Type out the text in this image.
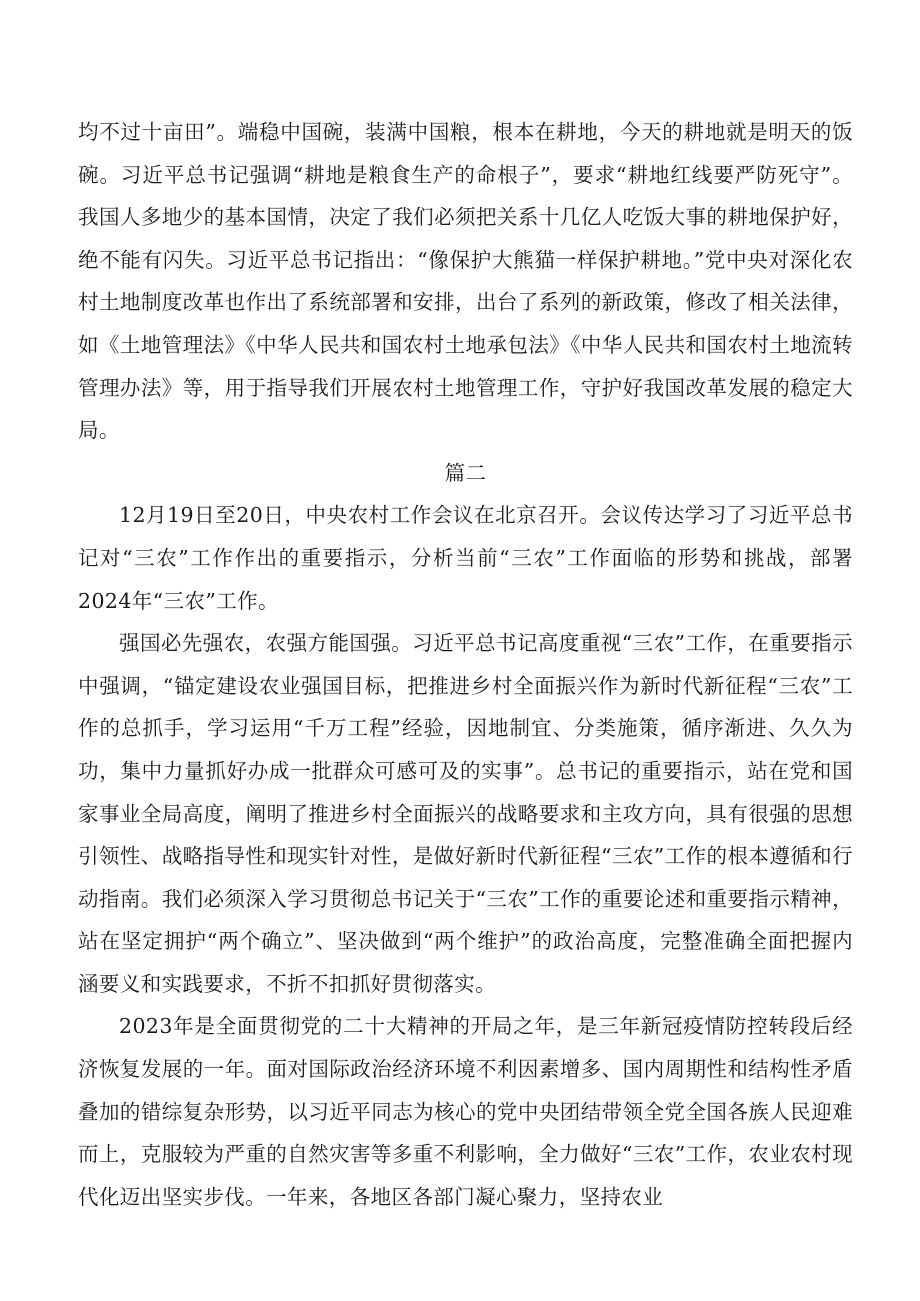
均不过十亩田”。端稳中国碗，装满中国粮，根本在耕地，今天的耕地就是明天的饭碗。习近平总书记强调“耕地是粮食生产的命根子”，要求“耕地红线要严防死守”。我国人多地少的基本国情，决定了我们必须把关系十几亿人吃饭大事的耕地保护好，绝不能有闪失。习近平总书记指出：“像保护大熊猫一样保护耕地。”党中央对深化农村土地制度改革也作出了系统部署和安排，出台了系列的新政策，修改了相关法律，如《土地管理法》《中华人民共和国农村土地承包法》《中华人民共和国农村土地流转管理办法》等，用于指导我们开展农村土地管理工作，守护好我国改革发展的稳定大局。

篇二

12月19日至20日，中央农村工作会议在北京召开。会议传达学习了习近平总书记对“三农”工作作出的重要指示，分析当前“三农”工作面临的形势和挑战，部署2024年“三农”工作。

强国必先强农，农强方能国强。习近平总书记高度重视“三农”工作，在重要指示中强调，“锚定建设农业强国目标，把推进乡村全面振兴作为新时代新征程“三农”工作的总抓手，学习运用“千万工程”经验，因地制宜、分类施策，循序渐进、久久为功，集中力量抓好办成一批群众可感可及的实事”。总书记的重要指示，站在党和国家事业全局高度，阐明了推进乡村全面振兴的战略要求和主攻方向，具有很强的思想引领性、战略指导性和现实针对性，是做好新时代新征程“三农”工作的根本遵循和行动指南。我们必须深入学习贯彻总书记关于“三农”工作的重要论述和重要指示精神，站在坚定拥护“两个确立”、坚决做到“两个维护”的政治高度，完整准确全面把握内涵要义和实践要求，不折不扣抓好贯彻落实。

2023年是全面贯彻党的二十大精神的开局之年，是三年新冠疫情防控转段后经济恢复发展的一年。面对国际政治经济环境不利因素增多、国内周期性和结构性矛盾叠加的错综复杂形势，以习近平同志为核心的党中央团结带领全党全国各族人民迎难而上，克服较为严重的自然灾害等多重不利影响，全力做好“三农”工作，农业农村现代化迈出坚实步伐。一年来，各地区各部门凝心聚力，坚持农业
